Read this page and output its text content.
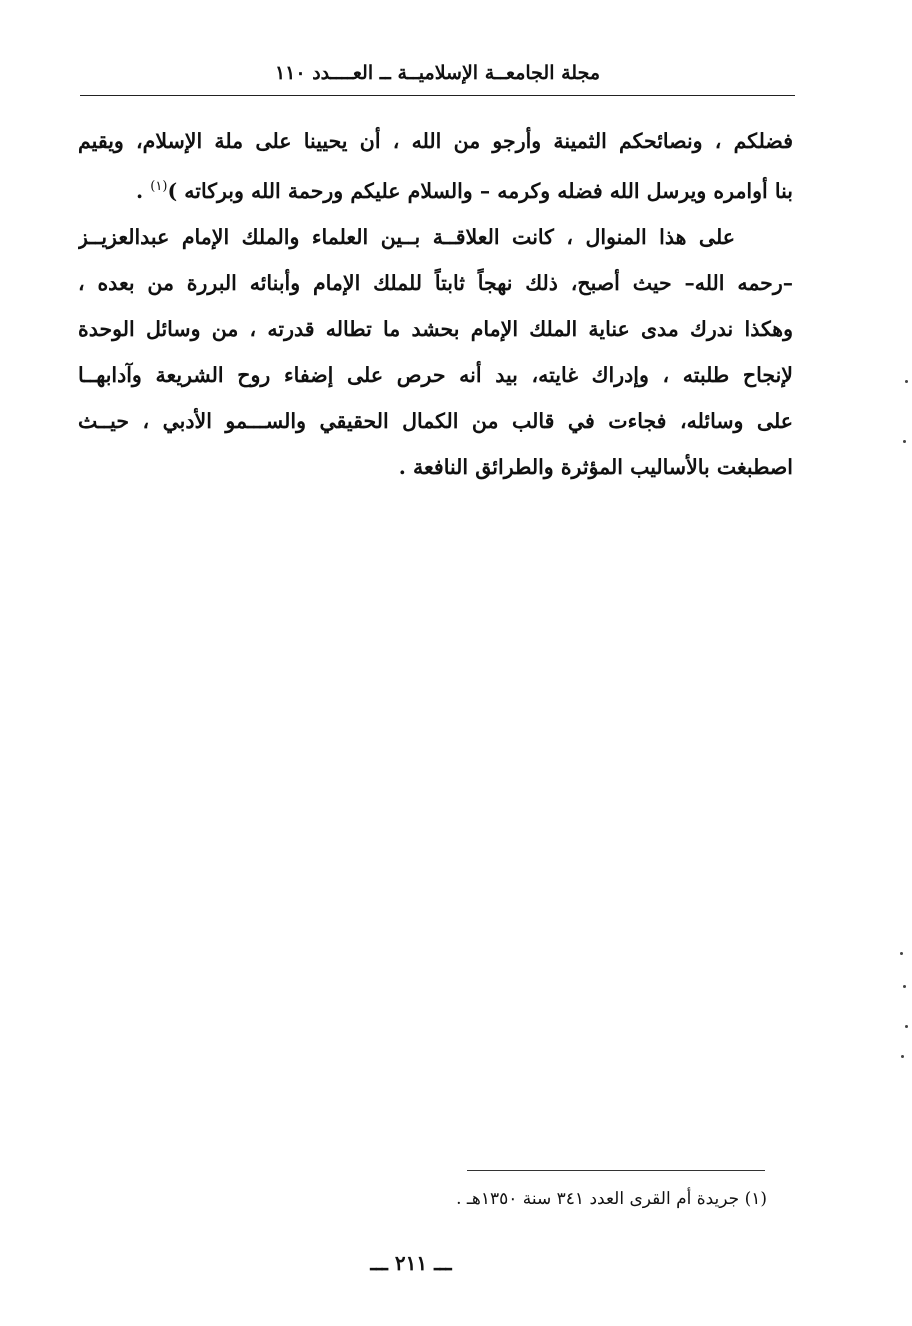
مجلة الجامعــة الإسلاميــة ــ العــــدد ١١٠
فضلكم ، ونصائحكم الثمينة وأرجو من الله ، أن يحيينا على ملة الإسلام، ويقيم
بنا أوامره ويرسل الله فضله وكرمه – والسلام عليكم ورحمة الله وبركاته )$^{(١)}$ .
على هذا المنوال ، كانت العلاقــة بــين العلماء والملك الإمام عبدالعزيــز
–رحمه الله– حيث أصبح، ذلك نهجاً ثابتاً للملك الإمام وأبنائه البررة من بعده ،
وهكذا ندرك مدى عناية الملك الإمام بحشد ما تطاله قدرته ، من وسائل الوحدة
لإنجاح طلبته ، وإدراك غايته، بيد أنه حرص على إضفاء روح الشريعة وآدابهــا
على وسائله، فجاءت في قالب من الكمال الحقيقي والســـمو الأدبي ، حيــث
اصطبغت بالأساليب المؤثرة والطرائق النافعة .
(١) جريدة أم القرى العدد ٣٤١ سنة ١٣٥٠هـ .
ـــ ٢١١ ـــ
